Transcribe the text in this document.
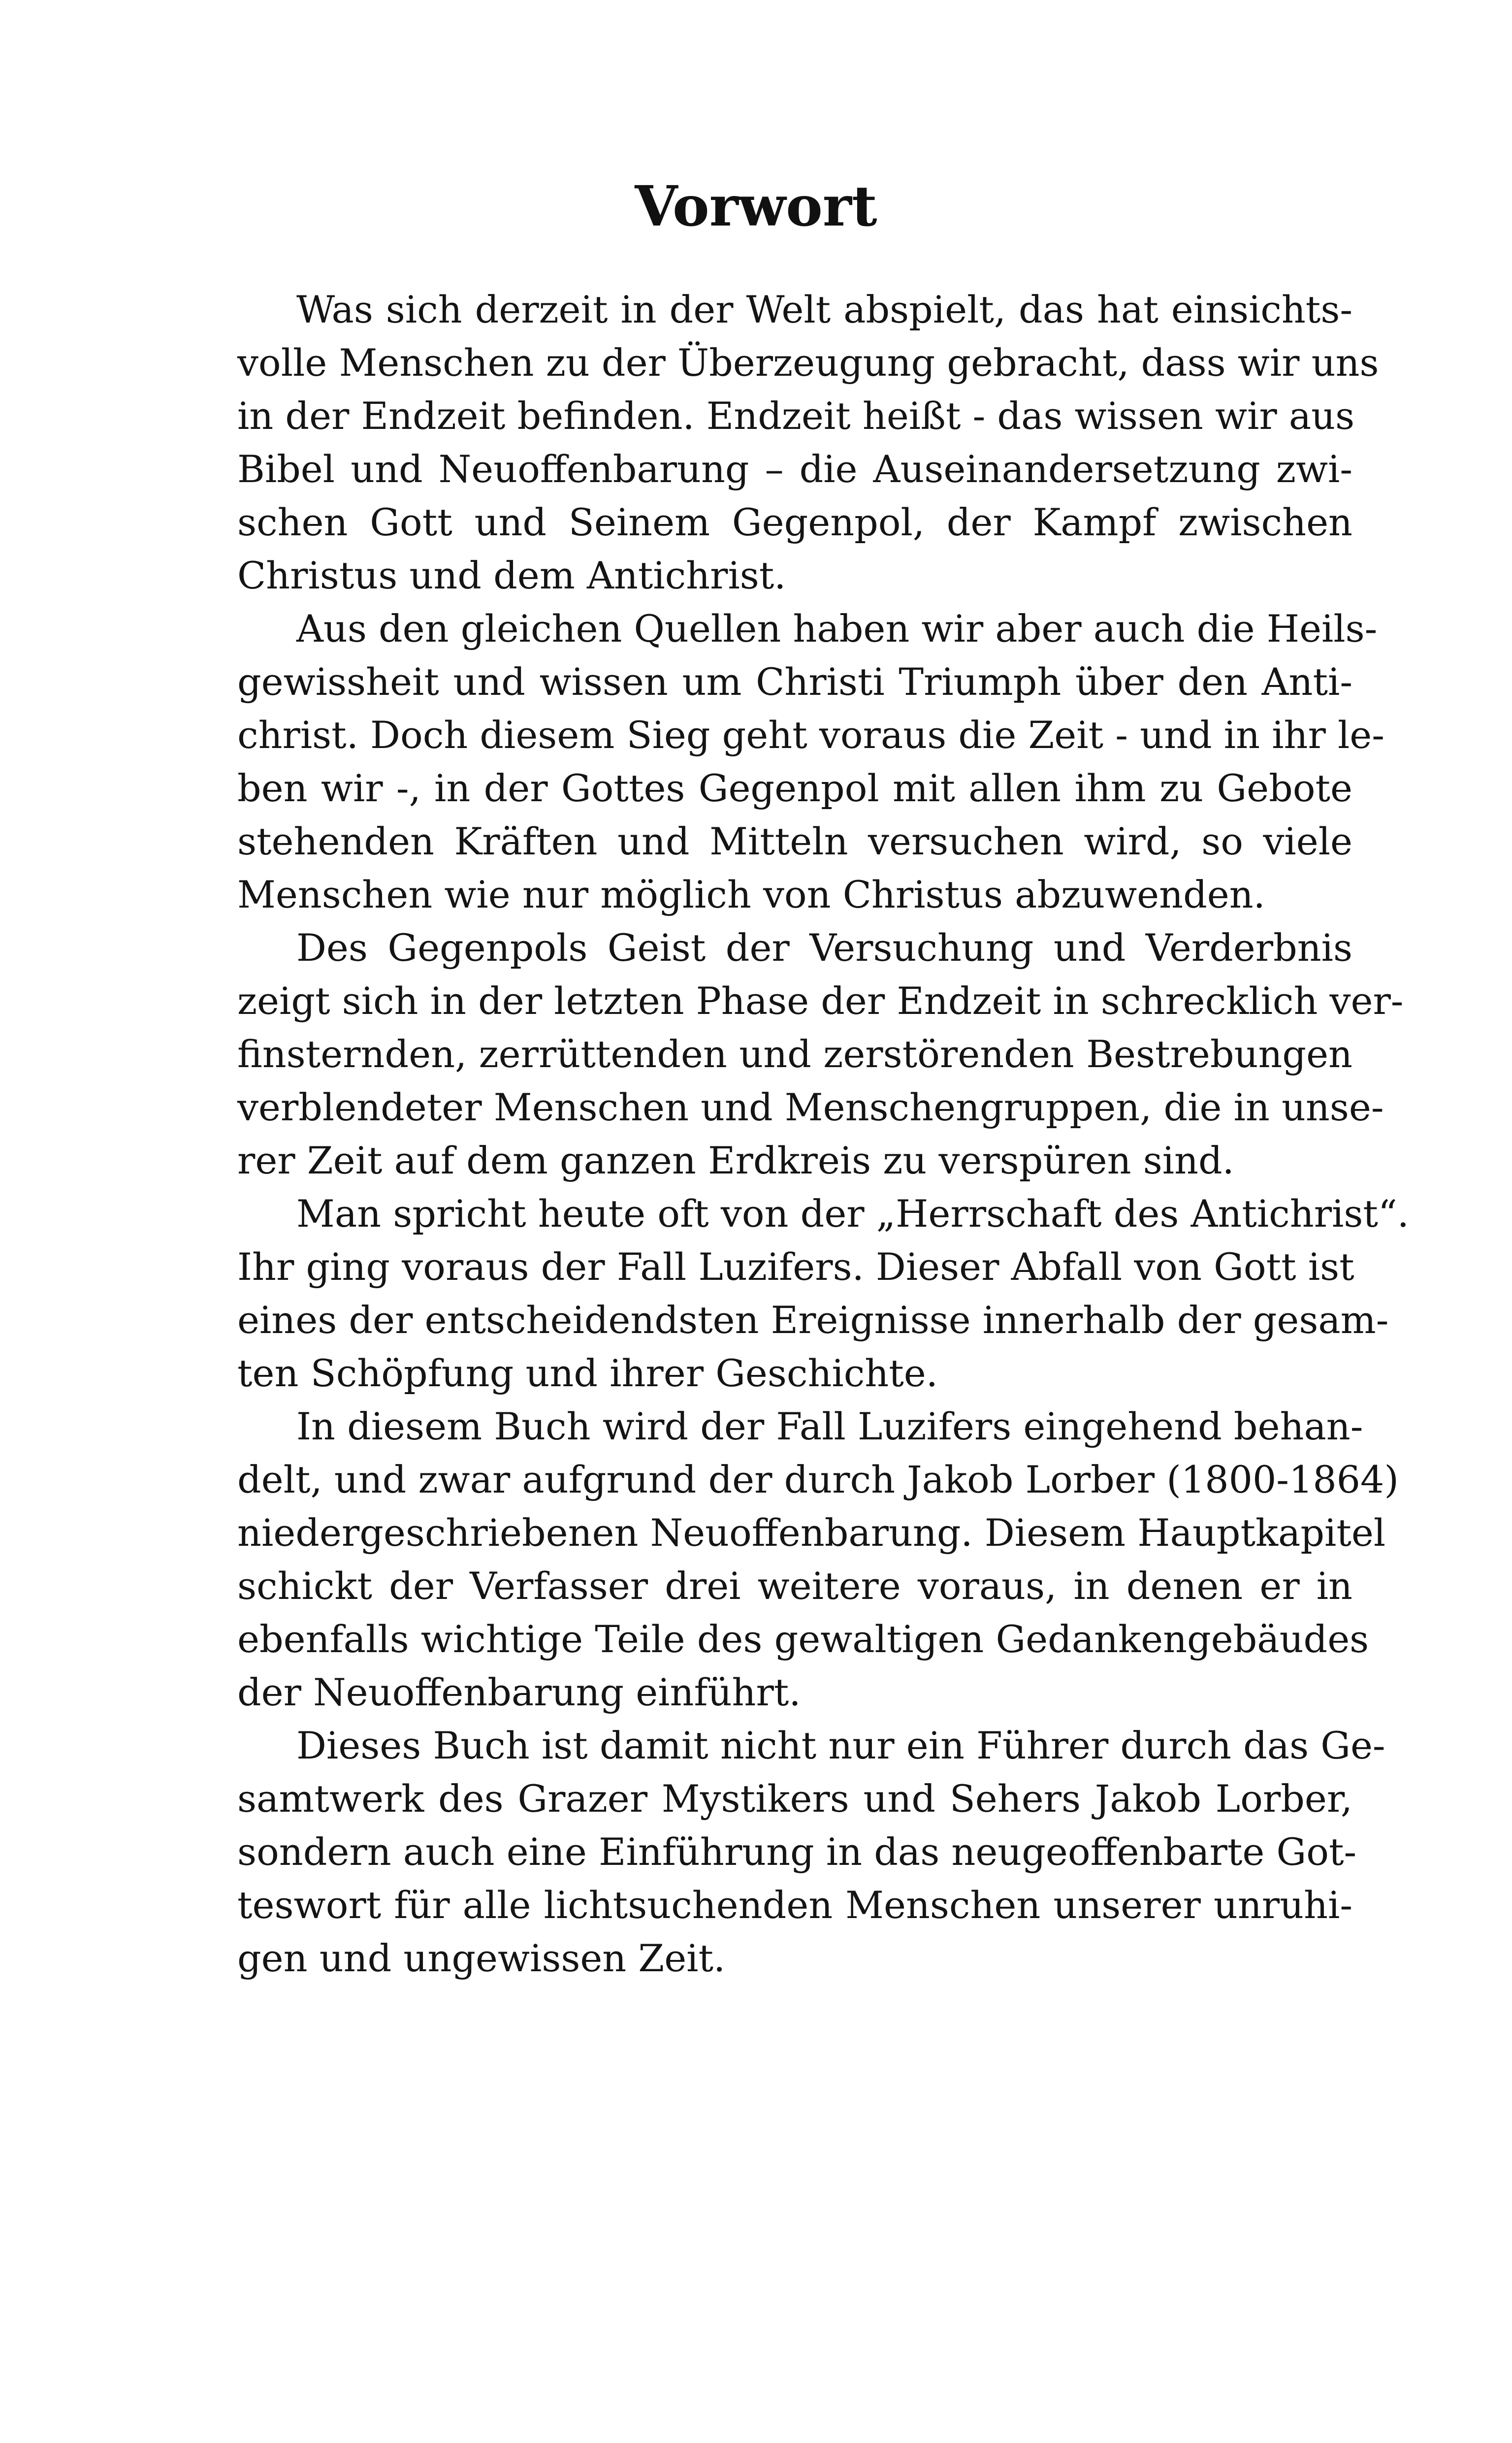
Vorwort
Was sich derzeit in der Welt abspielt, das hat einsichts-
volle Menschen zu der Überzeugung gebracht, dass wir uns
in der Endzeit befinden. Endzeit heißt - das wissen wir aus
Bibel und Neuoffenbarung – die Auseinandersetzung zwi-
schen Gott und Seinem Gegenpol, der Kampf zwischen
Christus und dem Antichrist.
Aus den gleichen Quellen haben wir aber auch die Heils-
gewissheit und wissen um Christi Triumph über den Anti-
christ. Doch diesem Sieg geht voraus die Zeit - und in ihr le-
ben wir -, in der Gottes Gegenpol mit allen ihm zu Gebote
stehenden Kräften und Mitteln versuchen wird, so viele
Menschen wie nur möglich von Christus abzuwenden.
Des Gegenpols Geist der Versuchung und Verderbnis
zeigt sich in der letzten Phase der Endzeit in schrecklich ver-
finsternden, zerrüttenden und zerstörenden Bestrebungen
verblendeter Menschen und Menschengruppen, die in unse-
rer Zeit auf dem ganzen Erdkreis zu verspüren sind.
Man spricht heute oft von der „Herrschaft des Antichrist“.
Ihr ging voraus der Fall Luzifers. Dieser Abfall von Gott ist
eines der entscheidendsten Ereignisse innerhalb der gesam-
ten Schöpfung und ihrer Geschichte.
In diesem Buch wird der Fall Luzifers eingehend behan-
delt, und zwar aufgrund der durch Jakob Lorber (1800-1864)
niedergeschriebenen Neuoffenbarung. Diesem Hauptkapitel
schickt der Verfasser drei weitere voraus, in denen er in
ebenfalls wichtige Teile des gewaltigen Gedankengebäudes
der Neuoffenbarung einführt.
Dieses Buch ist damit nicht nur ein Führer durch das Ge-
samtwerk des Grazer Mystikers und Sehers Jakob Lorber,
sondern auch eine Einführung in das neugeoffenbarte Got-
teswort für alle lichtsuchenden Menschen unserer unruhi-
gen und ungewissen Zeit.
